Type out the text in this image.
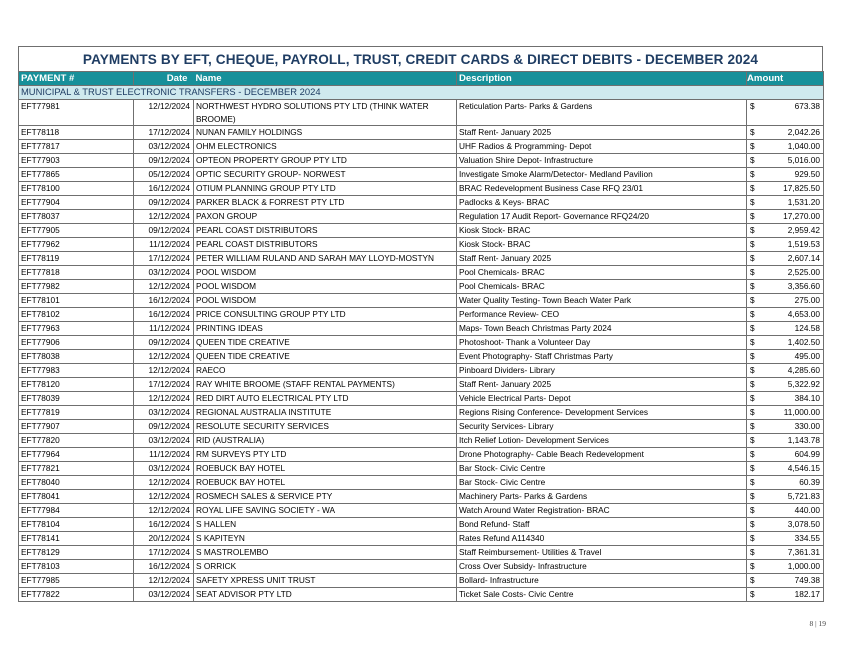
PAYMENTS BY EFT, CHEQUE, PAYROLL, TRUST, CREDIT CARDS & DIRECT DEBITS - DECEMBER 2024
PAYMENT #	Date	Name	Description	Amount
MUNICIPAL & TRUST ELECTRONIC TRANSFERS - DECEMBER 2024				
EFT77981	12/12/2024	NORTHWEST HYDRO SOLUTIONS PTY LTD (THINK WATER BROOME)	Reticulation Parts- Parks & Gardens	$ 673.38

EFT78118	17/12/2024	NUNAN FAMILY HOLDINGS	Staff Rent- January 2025	$ 2,042.26

EFT77817	03/12/2024	OHM ELECTRONICS	UHF Radios & Programming- Depot	$ 1,040.00

EFT77903	09/12/2024	OPTEON PROPERTY GROUP PTY LTD	Valuation Shire Depot- Infrastructure	$ 5,016.00

EFT77865	05/12/2024	OPTIC SECURITY GROUP- NORWEST	Investigate Smoke Alarm/Detector- Medland Pavilion	$ 929.50

EFT78100	16/12/2024	OTIUM PLANNING GROUP PTY LTD	BRAC Redevelopment Business Case RFQ 23/01	$ 17,825.50

EFT77904	09/12/2024	PARKER BLACK & FORREST PTY LTD	Padlocks & Keys- BRAC	$ 1,531.20

EFT78037	12/12/2024	PAXON GROUP	Regulation 17 Audit Report- Governance RFQ24/20	$ 17,270.00

EFT77905	09/12/2024	PEARL COAST DISTRIBUTORS	Kiosk Stock- BRAC	$ 2,959.42

EFT77962	11/12/2024	PEARL COAST DISTRIBUTORS	Kiosk Stock- BRAC	$ 1,519.53

EFT78119	17/12/2024	PETER WILLIAM RULAND AND SARAH MAY LLOYD-MOSTYN	Staff Rent- January 2025	$ 2,607.14

EFT77818	03/12/2024	POOL WISDOM	Pool Chemicals- BRAC	$ 2,525.00

EFT77982	12/12/2024	POOL WISDOM	Pool Chemicals- BRAC	$ 3,356.60

EFT78101	16/12/2024	POOL WISDOM	Water Quality Testing- Town Beach Water Park	$ 275.00

EFT78102	16/12/2024	PRICE CONSULTING GROUP PTY LTD	Performance Review- CEO	$ 4,653.00

EFT77963	11/12/2024	PRINTING IDEAS	Maps- Town Beach Christmas Party 2024	$ 124.58

EFT77906	09/12/2024	QUEEN TIDE CREATIVE	Photoshoot- Thank a Volunteer Day	$ 1,402.50

EFT78038	12/12/2024	QUEEN TIDE CREATIVE	Event Photography- Staff Christmas Party	$ 495.00

EFT77983	12/12/2024	RAECO	Pinboard Dividers- Library	$ 4,285.60

EFT78120	17/12/2024	RAY WHITE BROOME (STAFF RENTAL PAYMENTS)	Staff Rent- January 2025	$ 5,322.92

EFT78039	12/12/2024	RED DIRT AUTO ELECTRICAL PTY LTD	Vehicle Electrical Parts- Depot	$ 384.10

EFT77819	03/12/2024	REGIONAL AUSTRALIA INSTITUTE	Regions Rising Conference- Development Services	$ 11,000.00

EFT77907	09/12/2024	RESOLUTE SECURITY SERVICES	Security Services- Library	$ 330.00

EFT77820	03/12/2024	RID (AUSTRALIA)	Itch Relief Lotion- Development Services	$ 1,143.78

EFT77964	11/12/2024	RM SURVEYS PTY LTD	Drone Photography- Cable Beach Redevelopment	$ 604.99

EFT77821	03/12/2024	ROEBUCK BAY HOTEL	Bar Stock- Civic Centre	$ 4,546.15

EFT78040	12/12/2024	ROEBUCK BAY HOTEL	Bar Stock- Civic Centre	$ 60.39

EFT78041	12/12/2024	ROSMECH SALES & SERVICE PTY	Machinery Parts- Parks & Gardens	$ 5,721.83

EFT77984	12/12/2024	ROYAL LIFE SAVING SOCIETY - WA	Watch Around Water Registration- BRAC	$ 440.00

EFT78104	16/12/2024	S HALLEN	Bond Refund- Staff	$ 3,078.50

EFT78141	20/12/2024	S KAPITEYN	Rates Refund A114340	$ 334.55

EFT78129	17/12/2024	S MASTROLEMBO	Staff Reimbursement- Utilities & Travel	$ 7,361.31

EFT78103	16/12/2024	S ORRICK	Cross Over Subsidy- Infrastructure	$ 1,000.00

EFT77985	12/12/2024	SAFETY XPRESS UNIT TRUST	Bollard- Infrastructure	$ 749.38

EFT77822	03/12/2024	SEAT ADVISOR PTY LTD	Ticket Sale Costs- Civic Centre	$ 182.17
8 | 19
